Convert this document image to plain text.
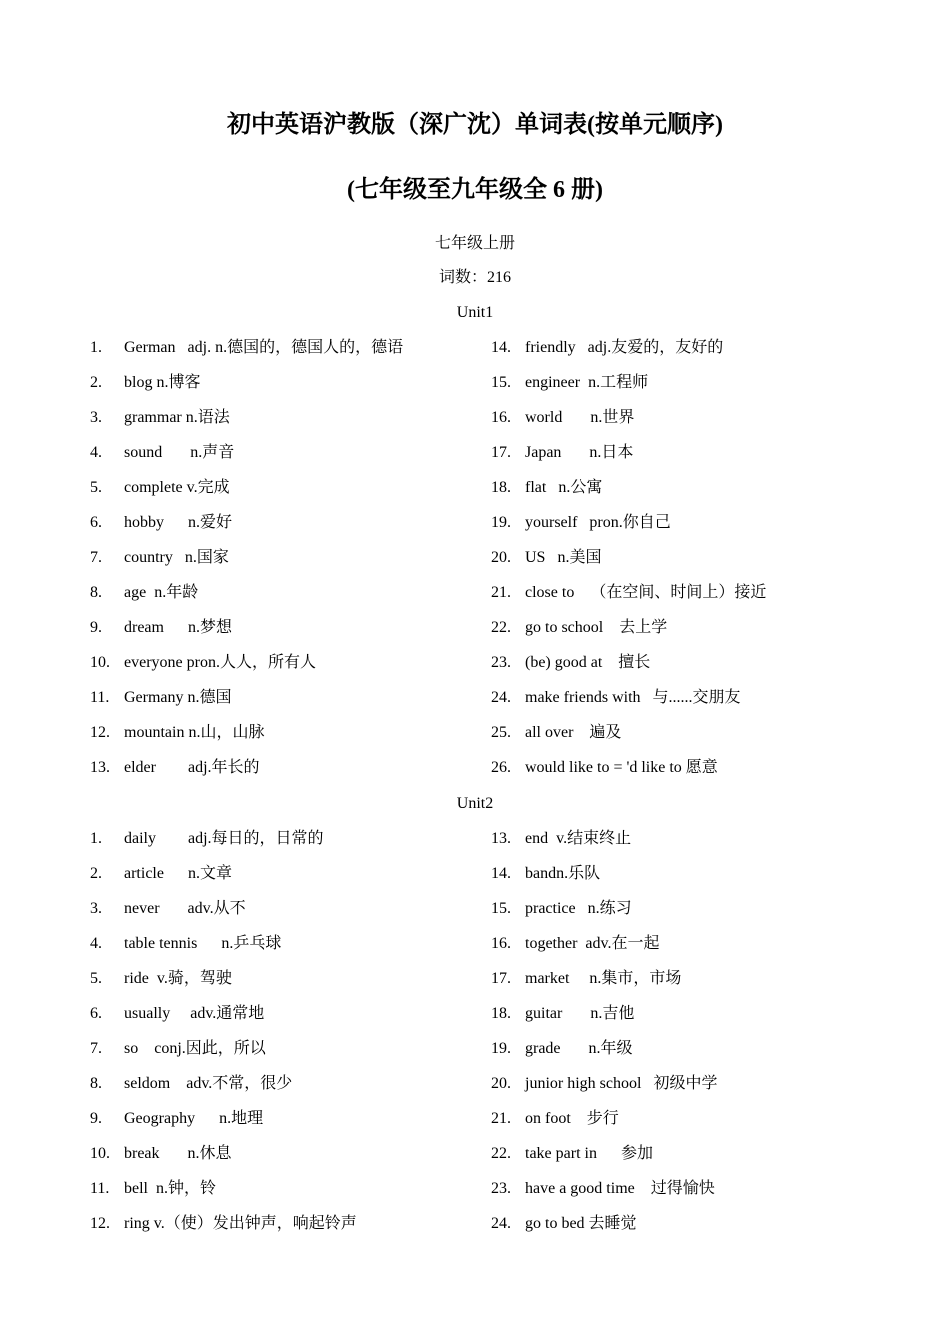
初中英语沪教版（深广沈）单词表(按单元顺序)
(七年级至九年级全 6 册)
七年级上册
词数：216
Unit1
1. German   adj. n.德国的，德国人的，德语
2. blog n.博客
3. grammar n.语法
4. sound       n.声音
5. complete v.完成
6. hobby      n.爱好
7. country   n.国家
8. age  n.年龄
9. dream      n.梦想
10. everyone pron.人人，所有人
11. Germany n.德国
12. mountain n.山，山脉
13. elder        adj.年长的
14. friendly   adj.友爱的，友好的
15. engineer  n.工程师
16. world       n.世界
17. Japan       n.日本
18. flat   n.公寓
19. yourself   pron.你自己
20. US   n.美国
21. close to    （在空间、时间上）接近
22. go to school    去上学
23. (be) good at    擅长
24. make friends with   与......交朋友
25. all over    遍及
26. would like to = 'd like to 愿意
Unit2
1. daily        adj.每日的，日常的
2. article      n.文章
3. never       adv.从不
4. table tennis      n.乒乓球
5. ride  v.骑，驾驶
6. usually     adv.通常地
7. so    conj.因此，所以
8. seldom    adv.不常，很少
9. Geography      n.地理
10. break       n.休息
11. bell  n.钟，铃
12. ring v.（使）发出钟声，响起铃声
13. end  v.结束终止
14. bandn.乐队
15. practice   n.练习
16. together  adv.在一起
17. market     n.集市，市场
18. guitar       n.吉他
19. grade       n.年级
20. junior high school   初级中学
21. on foot    步行
22. take part in      参加
23. have a good time    过得愉快
24. go to bed 去睡觉
